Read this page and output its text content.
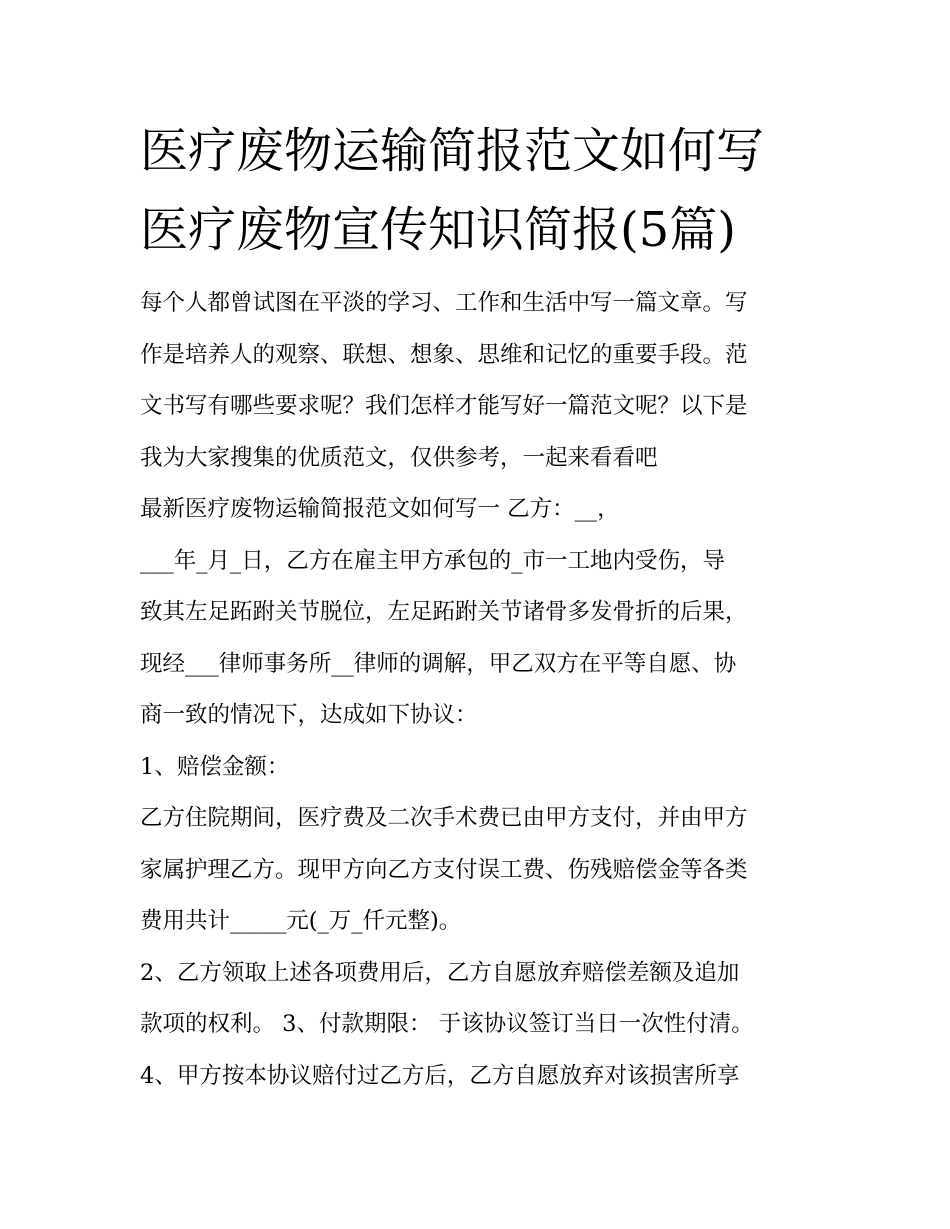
医疗废物运输简报范文如何写
医疗废物宣传知识简报(5篇)
每个人都曾试图在平淡的学习、工作和生活中写一篇文章。写
作是培养人的观察、联想、想象、思维和记忆的重要手段。范
文书写有哪些要求呢？我们怎样才能写好一篇范文呢？以下是
我为大家搜集的优质范文，仅供参考，一起来看看吧
最新医疗废物运输简报范文如何写一 乙方：__，
___年_月_日，乙方在雇主甲方承包的_市一工地内受伤，导
致其左足跖跗关节脱位，左足跖跗关节诸骨多发骨折的后果，
现经___律师事务所__律师的调解，甲乙双方在平等自愿、协
商一致的情况下，达成如下协议：
1、赔偿金额：
乙方住院期间，医疗费及二次手术费已由甲方支付，并由甲方
家属护理乙方。现甲方向乙方支付误工费、伤残赔偿金等各类
费用共计_____元(_万_仟元整)。
2、乙方领取上述各项费用后，乙方自愿放弃赔偿差额及追加
款项的权利。 3、付款期限： 于该协议签订当日一次性付清。
4、甲方按本协议赔付过乙方后，乙方自愿放弃对该损害所享
